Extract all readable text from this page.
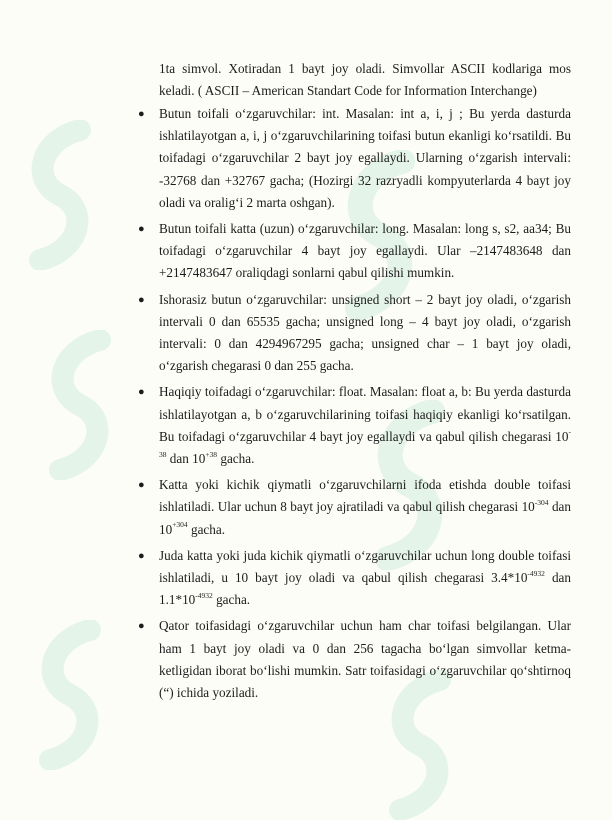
1ta simvol. Xotiradan 1 bayt joy oladi. Simvollar ASCII kodlariga mos keladi. ( ASCII – American Standart Code for Information Interchange)

● Butun toifali o‘zgaruvchilar: int. Masalan: int a, i, j ; Bu yerda dasturda ishlatilayotgan a, i, j o‘zgaruvchilarining toifasi butun ekanligi ko‘rsatildi. Bu toifadagi o‘zgaruvchilar 2 bayt joy egallaydi. Ularning o‘zgarish intervali: -32768 dan +32767 gacha; (Hozirgi 32 razryadli kompyuterlarda 4 bayt joy oladi va oralig‘i 2 marta oshgan).
● Butun toifali katta (uzun) o‘zgaruvchilar: long. Masalan: long s, s2, aa34; Bu toifadagi o‘zgaruvchilar 4 bayt joy egallaydi. Ular –2147483648 dan +2147483647 oraliqdagi sonlarni qabul qilishi mumkin.
● Ishorasiz butun o‘zgaruvchilar: unsigned short – 2 bayt joy oladi, o‘zgarish intervali 0 dan 65535 gacha; unsigned long – 4 bayt joy oladi, o‘zgarish intervali: 0 dan 4294967295 gacha; unsigned char – 1 bayt joy oladi, o‘zgarish chegarasi 0 dan 255 gacha.
● Haqiqiy toifadagi o‘zgaruvchilar: float. Masalan: float a, b: Bu yerda dasturda ishlatilayotgan a, b o‘zgaruvchilarining toifasi haqiqiy ekanligi ko‘rsatilgan. Bu toifadagi o‘zgaruvchilar 4 bayt joy egallaydi va qabul qilish chegarasi $10^{-38}$ dan $10^{+38}$ gacha.
● Katta yoki kichik qiymatli o‘zgaruvchilarni ifoda etishda double toifasi ishlatiladi. Ular uchun 8 bayt joy ajratiladi va qabul qilish chegarasi $10^{-304}$ dan $10^{+304}$ gacha.
● Juda katta yoki juda kichik qiymatli o‘zgaruvchilar uchun long double toifasi ishlatiladi, u 10 bayt joy oladi va qabul qilish chegarasi $3.4*10^{-4932}$ dan $1.1*10^{-4932}$ gacha.
● Qator toifasidagi o‘zgaruvchilar uchun ham char toifasi belgilangan. Ular ham 1 bayt joy oladi va 0 dan 256 tagacha bo‘lgan simvollar ketma-ketligidan iborat bo‘lishi mumkin. Satr toifasidagi o‘zgaruvchilar qo‘shtirnoq (“) ichida yoziladi.
